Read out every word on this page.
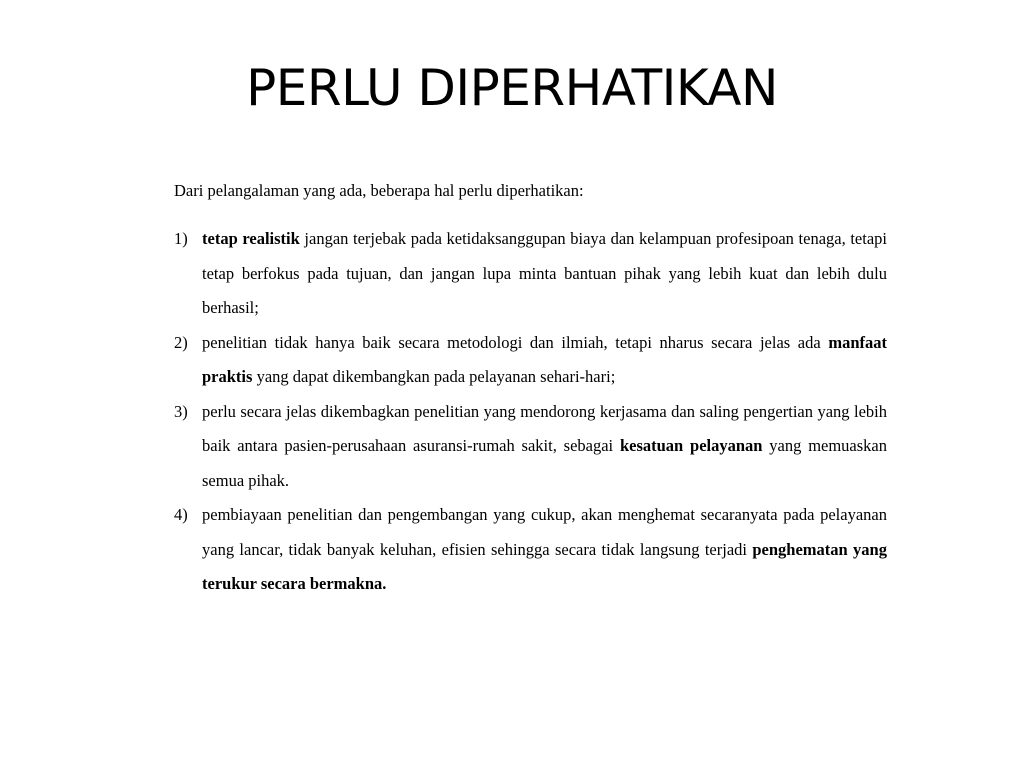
PERLU DIPERHATIKAN

Dari pelangalaman yang ada, beberapa hal perlu diperhatikan:

1) tetap realistik jangan terjebak pada ketidaksanggupan biaya dan kelampuan profesipoan tenaga, tetapi tetap berfokus pada tujuan, dan jangan lupa minta bantuan pihak yang lebih kuat dan lebih dulu berhasil;
2) penelitian tidak hanya baik secara metodologi dan ilmiah, tetapi nharus secara jelas ada manfaat praktis yang dapat dikembangkan pada pelayanan sehari-hari;
3) perlu secara jelas dikembagkan penelitian yang mendorong kerjasama dan saling pengertian yang lebih baik antara pasien-perusahaan asuransi-rumah sakit, sebagai kesatuan pelayanan yang memuaskan semua pihak.
4) pembiayaan penelitian dan pengembangan yang cukup, akan menghemat secaranyata pada pelayanan yang lancar, tidak banyak keluhan, efisien sehingga secara tidak langsung terjadi penghematan yang terukur secara bermakna.
